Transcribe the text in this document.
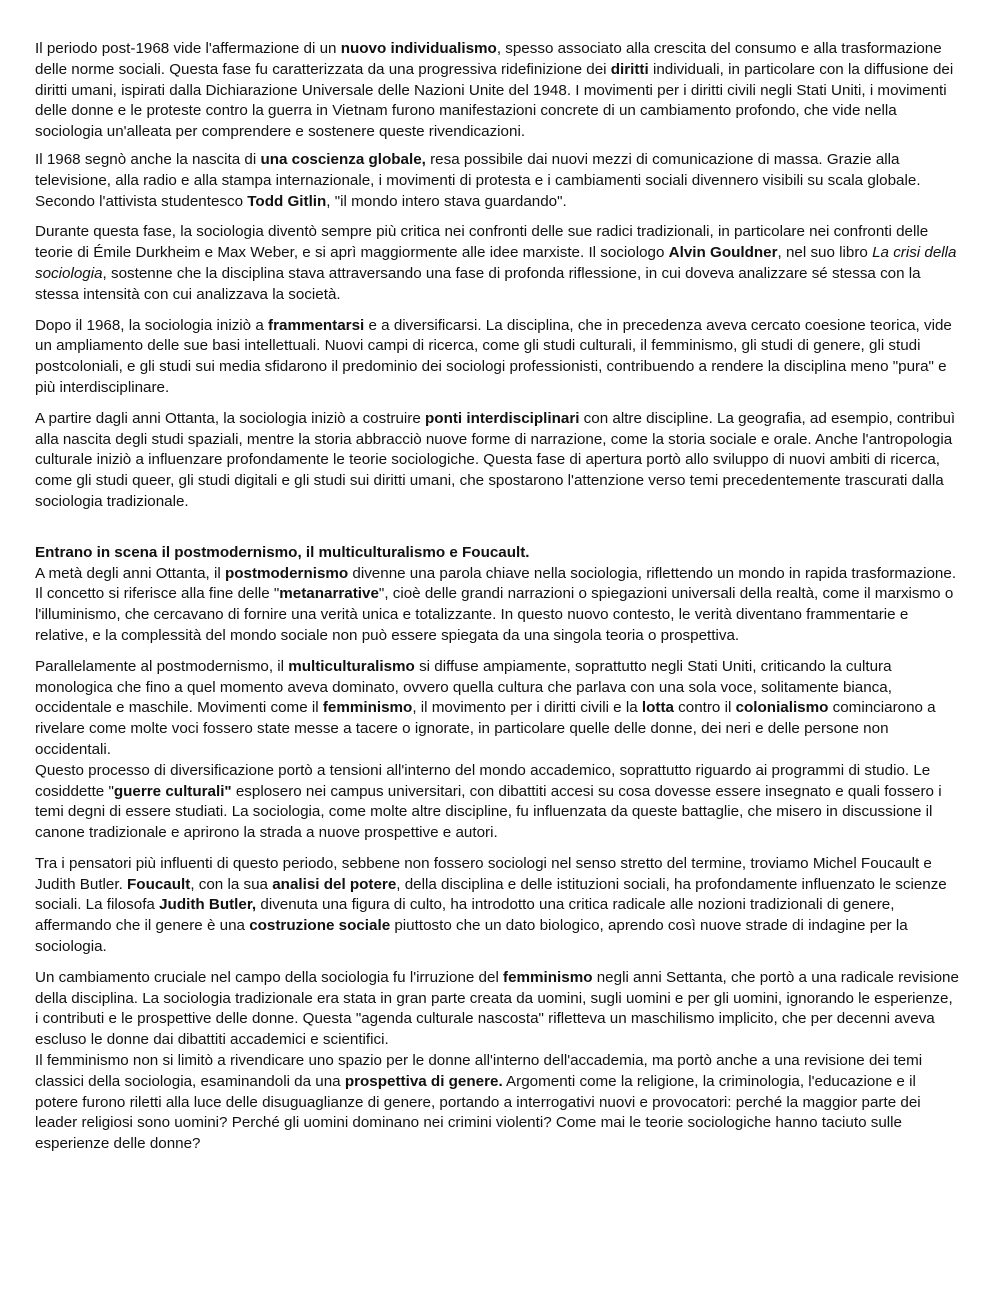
Il periodo post-1968 vide l'affermazione di un nuovo individualismo, spesso associato alla crescita del consumo e alla trasformazione delle norme sociali. Questa fase fu caratterizzata da una progressiva ridefinizione dei diritti individuali, in particolare con la diffusione dei diritti umani, ispirati dalla Dichiarazione Universale delle Nazioni Unite del 1948. I movimenti per i diritti civili negli Stati Uniti, i movimenti delle donne e le proteste contro la guerra in Vietnam furono manifestazioni concrete di un cambiamento profondo, che vide nella sociologia un'alleata per comprendere e sostenere queste rivendicazioni.

Il 1968 segnò anche la nascita di una coscienza globale, resa possibile dai nuovi mezzi di comunicazione di massa. Grazie alla televisione, alla radio e alla stampa internazionale, i movimenti di protesta e i cambiamenti sociali divennero visibili su scala globale. Secondo l'attivista studentesco Todd Gitlin, "il mondo intero stava guardando".

Durante questa fase, la sociologia diventò sempre più critica nei confronti delle sue radici tradizionali, in particolare nei confronti delle teorie di Émile Durkheim e Max Weber, e si aprì maggiormente alle idee marxiste. Il sociologo Alvin Gouldner, nel suo libro La crisi della sociologia, sostenne che la disciplina stava attraversando una fase di profonda riflessione, in cui doveva analizzare sé stessa con la stessa intensità con cui analizzava la società.

Dopo il 1968, la sociologia iniziò a frammentarsi e a diversificarsi. La disciplina, che in precedenza aveva cercato coesione teorica, vide un ampliamento delle sue basi intellettuali. Nuovi campi di ricerca, come gli studi culturali, il femminismo, gli studi di genere, gli studi postcoloniali, e gli studi sui media sfidarono il predominio dei sociologi professionisti, contribuendo a rendere la disciplina meno "pura" e più interdisciplinare.

A partire dagli anni Ottanta, la sociologia iniziò a costruire ponti interdisciplinari con altre discipline. La geografia, ad esempio, contribuì alla nascita degli studi spaziali, mentre la storia abbracciò nuove forme di narrazione, come la storia sociale e orale. Anche l'antropologia culturale iniziò a influenzare profondamente le teorie sociologiche. Questa fase di apertura portò allo sviluppo di nuovi ambiti di ricerca, come gli studi queer, gli studi digitali e gli studi sui diritti umani, che spostarono l'attenzione verso temi precedentemente trascurati dalla sociologia tradizionale.

Entrano in scena il postmodernismo, il multiculturalismo e Foucault.

A metà degli anni Ottanta, il postmodernismo divenne una parola chiave nella sociologia, riflettendo un mondo in rapida trasformazione. Il concetto si riferisce alla fine delle "metanarrative", cioè delle grandi narrazioni o spiegazioni universali della realtà, come il marxismo o l'illuminismo, che cercavano di fornire una verità unica e totalizzante. In questo nuovo contesto, le verità diventano frammentarie e relative, e la complessità del mondo sociale non può essere spiegata da una singola teoria o prospettiva.

Parallelamente al postmodernismo, il multiculturalismo si diffuse ampiamente, soprattutto negli Stati Uniti, criticando la cultura monologica che fino a quel momento aveva dominato, ovvero quella cultura che parlava con una sola voce, solitamente bianca, occidentale e maschile. Movimenti come il femminismo, il movimento per i diritti civili e la lotta contro il colonialismo cominciarono a rivelare come molte voci fossero state messe a tacere o ignorate, in particolare quelle delle donne, dei neri e delle persone non occidentali.

Questo processo di diversificazione portò a tensioni all'interno del mondo accademico, soprattutto riguardo ai programmi di studio. Le cosiddette "guerre culturali" esplosero nei campus universitari, con dibattiti accesi su cosa dovesse essere insegnato e quali fossero i temi degni di essere studiati. La sociologia, come molte altre discipline, fu influenzata da queste battaglie, che misero in discussione il canone tradizionale e aprirono la strada a nuove prospettive e autori.

Tra i pensatori più influenti di questo periodo, sebbene non fossero sociologi nel senso stretto del termine, troviamo Michel Foucault e Judith Butler. Foucault, con la sua analisi del potere, della disciplina e delle istituzioni sociali, ha profondamente influenzato le scienze sociali. La filosofa Judith Butler, divenuta una figura di culto, ha introdotto una critica radicale alle nozioni tradizionali di genere, affermando che il genere è una costruzione sociale piuttosto che un dato biologico, aprendo così nuove strade di indagine per la sociologia.

Un cambiamento cruciale nel campo della sociologia fu l'irruzione del femminismo negli anni Settanta, che portò a una radicale revisione della disciplina. La sociologia tradizionale era stata in gran parte creata da uomini, sugli uomini e per gli uomini, ignorando le esperienze, i contributi e le prospettive delle donne. Questa "agenda culturale nascosta" rifletteva un maschilismo implicito, che per decenni aveva escluso le donne dai dibattiti accademici e scientifici.

Il femminismo non si limitò a rivendicare uno spazio per le donne all'interno dell'accademia, ma portò anche a una revisione dei temi classici della sociologia, esaminandoli da una prospettiva di genere. Argomenti come la religione, la criminologia, l'educazione e il potere furono riletti alla luce delle disuguaglianze di genere, portando a interrogativi nuovi e provocatori: perché la maggior parte dei leader religiosi sono uomini? Perché gli uomini dominano nei crimini violenti? Come mai le teorie sociologiche hanno taciuto sulle esperienze delle donne?
